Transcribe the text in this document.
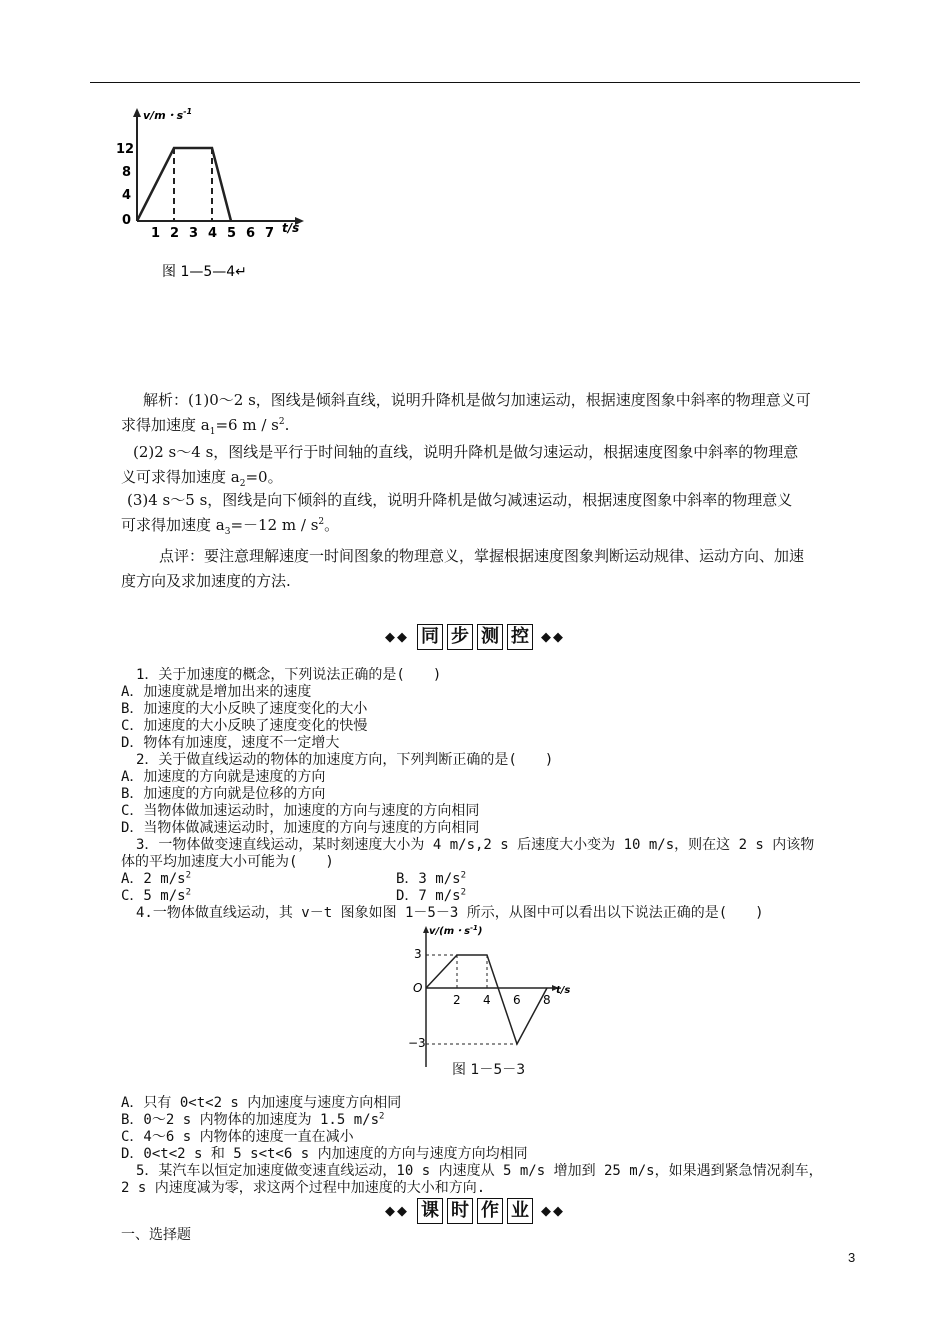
v/m・$s^{-1}$
t/s
12
8
4
0
1 2 3 4 5 6 7
图 1—5—4↵
解析：(1)0～2 s，图线是倾斜直线，说明升降机是做匀加速运动，根据速度图象中斜率的物理意义可
求得加速度 $a_1=6$ m / $s^2$.
(2)2 s～4 s，图线是平行于时间轴的直线，说明升降机是做匀速运动，根据速度图象中斜率的物理意
义可求得加速度 $a_2=0$。
(3)4 s～5 s，图线是向下倾斜的直线，说明升降机是做匀减速运动，根据速度图象中斜率的物理意义
可求得加速度 $a_3=-12$ m / $s^2$。
点评：要注意理解速度一时间图象的物理意义，掌握根据速度图象判断运动规律、运动方向、加速
度方向及求加速度的方法.
◆◆ 同 步 测 控 ◆◆
1．关于加速度的概念，下列说法正确的是(　　)
A．加速度就是增加出来的速度
B．加速度的大小反映了速度变化的大小
C．加速度的大小反映了速度变化的快慢
D．物体有加速度，速度不一定增大
2．关于做直线运动的物体的加速度方向，下列判断正确的是(　　)
A．加速度的方向就是速度的方向
B．加速度的方向就是位移的方向
C．当物体做加速运动时，加速度的方向与速度的方向相同
D．当物体做减速运动时，加速度的方向与速度的方向相同
3．一物体做变速直线运动，某时刻速度大小为 4 m/s,2 s 后速度大小变为 10 m/s，则在这 2 s 内该物
体的平均加速度大小可能为(　　)
A．2 $m/s^2$	B．3 $m/s^2$
C．5 $m/s^2$	D．7 $m/s^2$
4.一物体做直线运动，其 v－t 图象如图 1－5－3 所示，从图中可以看出以下说法正确的是(　　)
v/(m・$s^{-1}$)
t/s
O
3
−3
2 4 6 8
图 1－5－3
A．只有 0<t<2 s 内加速度与速度方向相同
B．0～2 s 内物体的加速度为 1.5 $m/s^2$
C．4～6 s 内物体的速度一直在减小
D．0<t<2 s 和 5 s<t<6 s 内加速度的方向与速度方向均相同
5．某汽车以恒定加速度做变速直线运动，10 s 内速度从 5 m/s 增加到 25 m/s，如果遇到紧急情况刹车，
2 s 内速度减为零，求这两个过程中加速度的大小和方向.
◆◆ 课 时 作 业 ◆◆
一、选择题
3
